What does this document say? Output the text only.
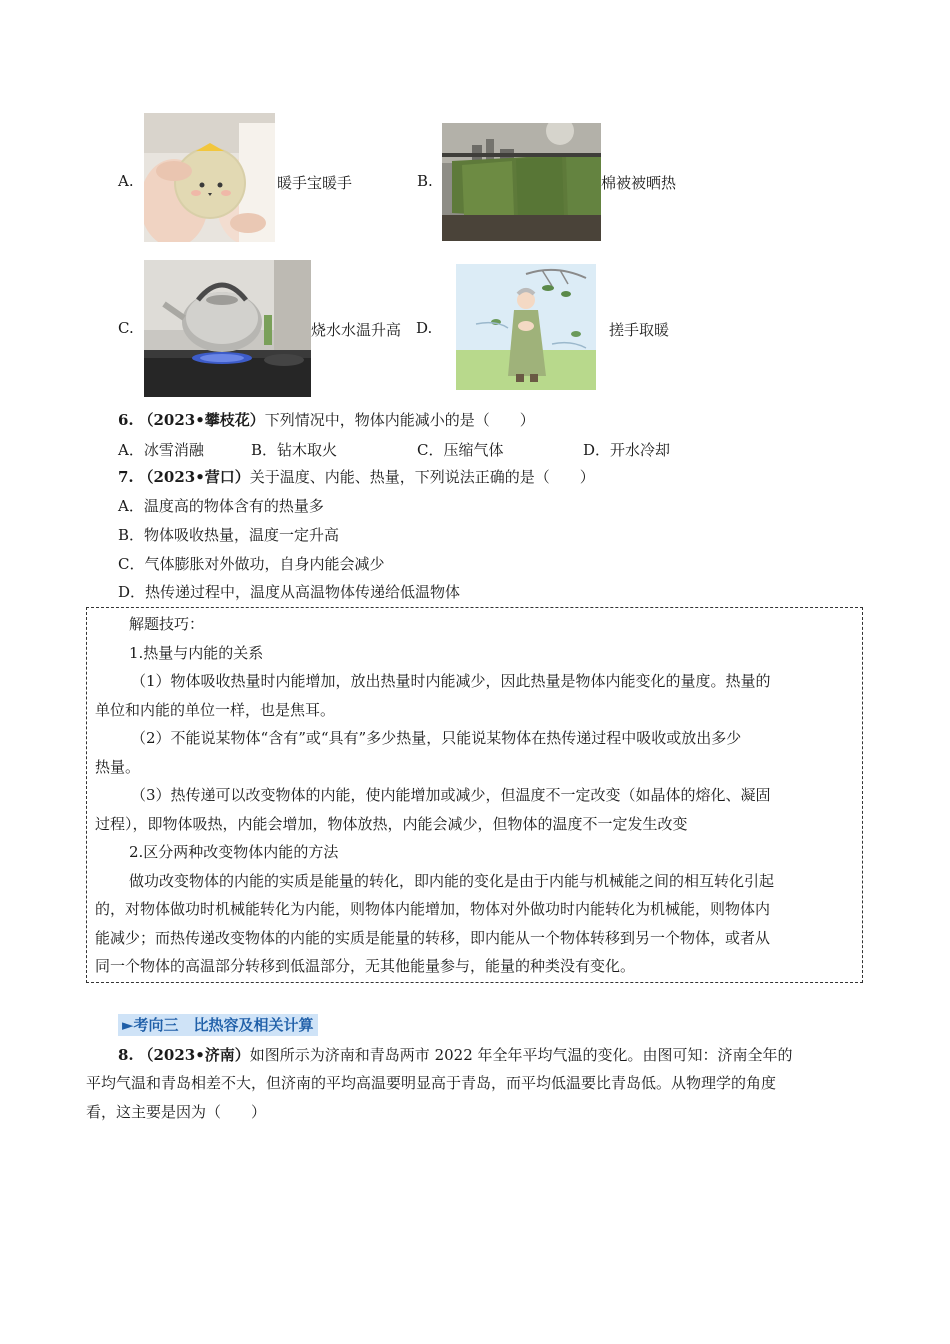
A.	暖手宝暖手	B.	棉被被晒热
C.	烧水水温升高 D.	搓手取暖
6. （2023•攀枝花）下列情况中，物体内能减小的是（　　）
A．冰雪消融	B．钻木取火	C．压缩气体	D．开水冷却
7. （2023•营口）关于温度、内能、热量，下列说法正确的是（　　）
A．温度高的物体含有的热量多
B．物体吸收热量，温度一定升高
C．气体膨胀对外做功，自身内能会减少
D．热传递过程中，温度从高温物体传递给低温物体
解题技巧：
1.热量与内能的关系
（1）物体吸收热量时内能增加，放出热量时内能减少，因此热量是物体内能变化的量度。热量的
单位和内能的单位一样，也是焦耳。
（2）不能说某物体“含有”或“具有”多少热量，只能说某物体在热传递过程中吸收或放出多少
热量。
（3）热传递可以改变物体的内能，使内能增加或减少，但温度不一定改变（如晶体的熔化、凝固
过程），即物体吸热，内能会增加，物体放热，内能会减少，但物体的温度不一定发生改变
2.区分两种改变物体内能的方法
做功改变物体的内能的实质是能量的转化，即内能的变化是由于内能与机械能之间的相互转化引起
的，对物体做功时机械能转化为内能，则物体内能增加，物体对外做功时内能转化为机械能，则物体内
能减少；而热传递改变物体的内能的实质是能量的转移，即内能从一个物体转移到另一个物体，或者从
同一个物体的高温部分转移到低温部分，无其他能量参与，能量的种类没有变化。
►考向三　比热容及相关计算
8. （2023•济南）如图所示为济南和青岛两市 2022 年全年平均气温的变化。由图可知：济南全年的
平均气温和青岛相差不大，但济南的平均高温要明显高于青岛，而平均低温要比青岛低。从物理学的角度
看，这主要是因为（　　）
